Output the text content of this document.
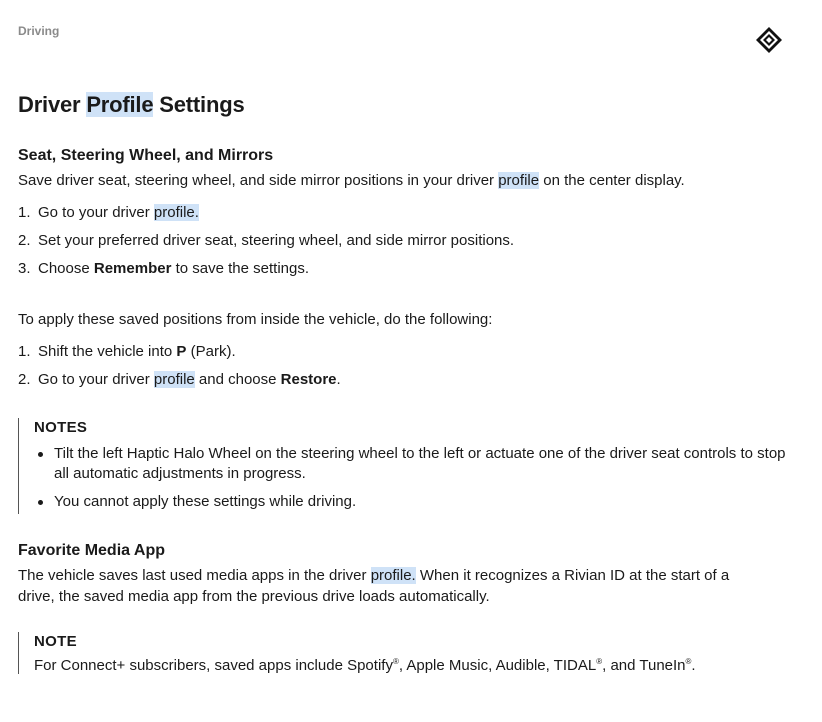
Driving
Driver Profile Settings
Seat, Steering Wheel, and Mirrors

Save driver seat, steering wheel, and side mirror positions in your driver profile on the center display.

1. Go to your driver profile.
2. Set your preferred driver seat, steering wheel, and side mirror positions.
3. Choose Remember to save the settings.

To apply these saved positions from inside the vehicle, do the following:

1. Shift the vehicle into P (Park).
2. Go to your driver profile and choose Restore.

NOTES

Tilt the left Haptic Halo Wheel on the steering wheel to the left or actuate one of the driver seat controls to stop all automatic adjustments in progress.
You cannot apply these settings while driving.
Favorite Media App

The vehicle saves last used media apps in the driver profile. When it recognizes a Rivian ID at the start of a drive, the saved media app from the previous drive loads automatically.

NOTE

For Connect+ subscribers, saved apps include Spotify®, Apple Music, Audible, TIDAL®, and TuneIn®.
